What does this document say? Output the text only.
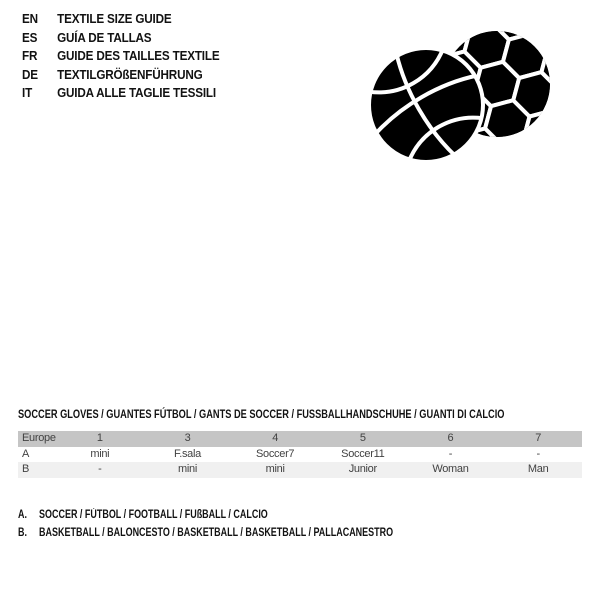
EN TEXTILE SIZE GUIDE
ES GUÍA DE TALLAS
FR GUIDE DES TAILLES TEXTILE
DE TEXTILGRÖßENFÜHRUNG
IT GUIDA ALLE TAGLIE TESSILI
SOCCER GLOVES / GUANTES FÚTBOL / GANTS DE SOCCER / FUSSBALLHANDSCHUHE / GUANTI DI CALCIO
Europe	1	3	4	5	6	7
A	mini	F.sala	Soccer7	Soccer11	-	-
B	-	mini	mini	Junior	Woman	Man
A. SOCCER / FÚTBOL / FOOTBALL / FUßBALL / CALCIO
B. BASKETBALL / BALONCESTO / BASKETBALL / BASKETBALL / PALLACANESTRO
